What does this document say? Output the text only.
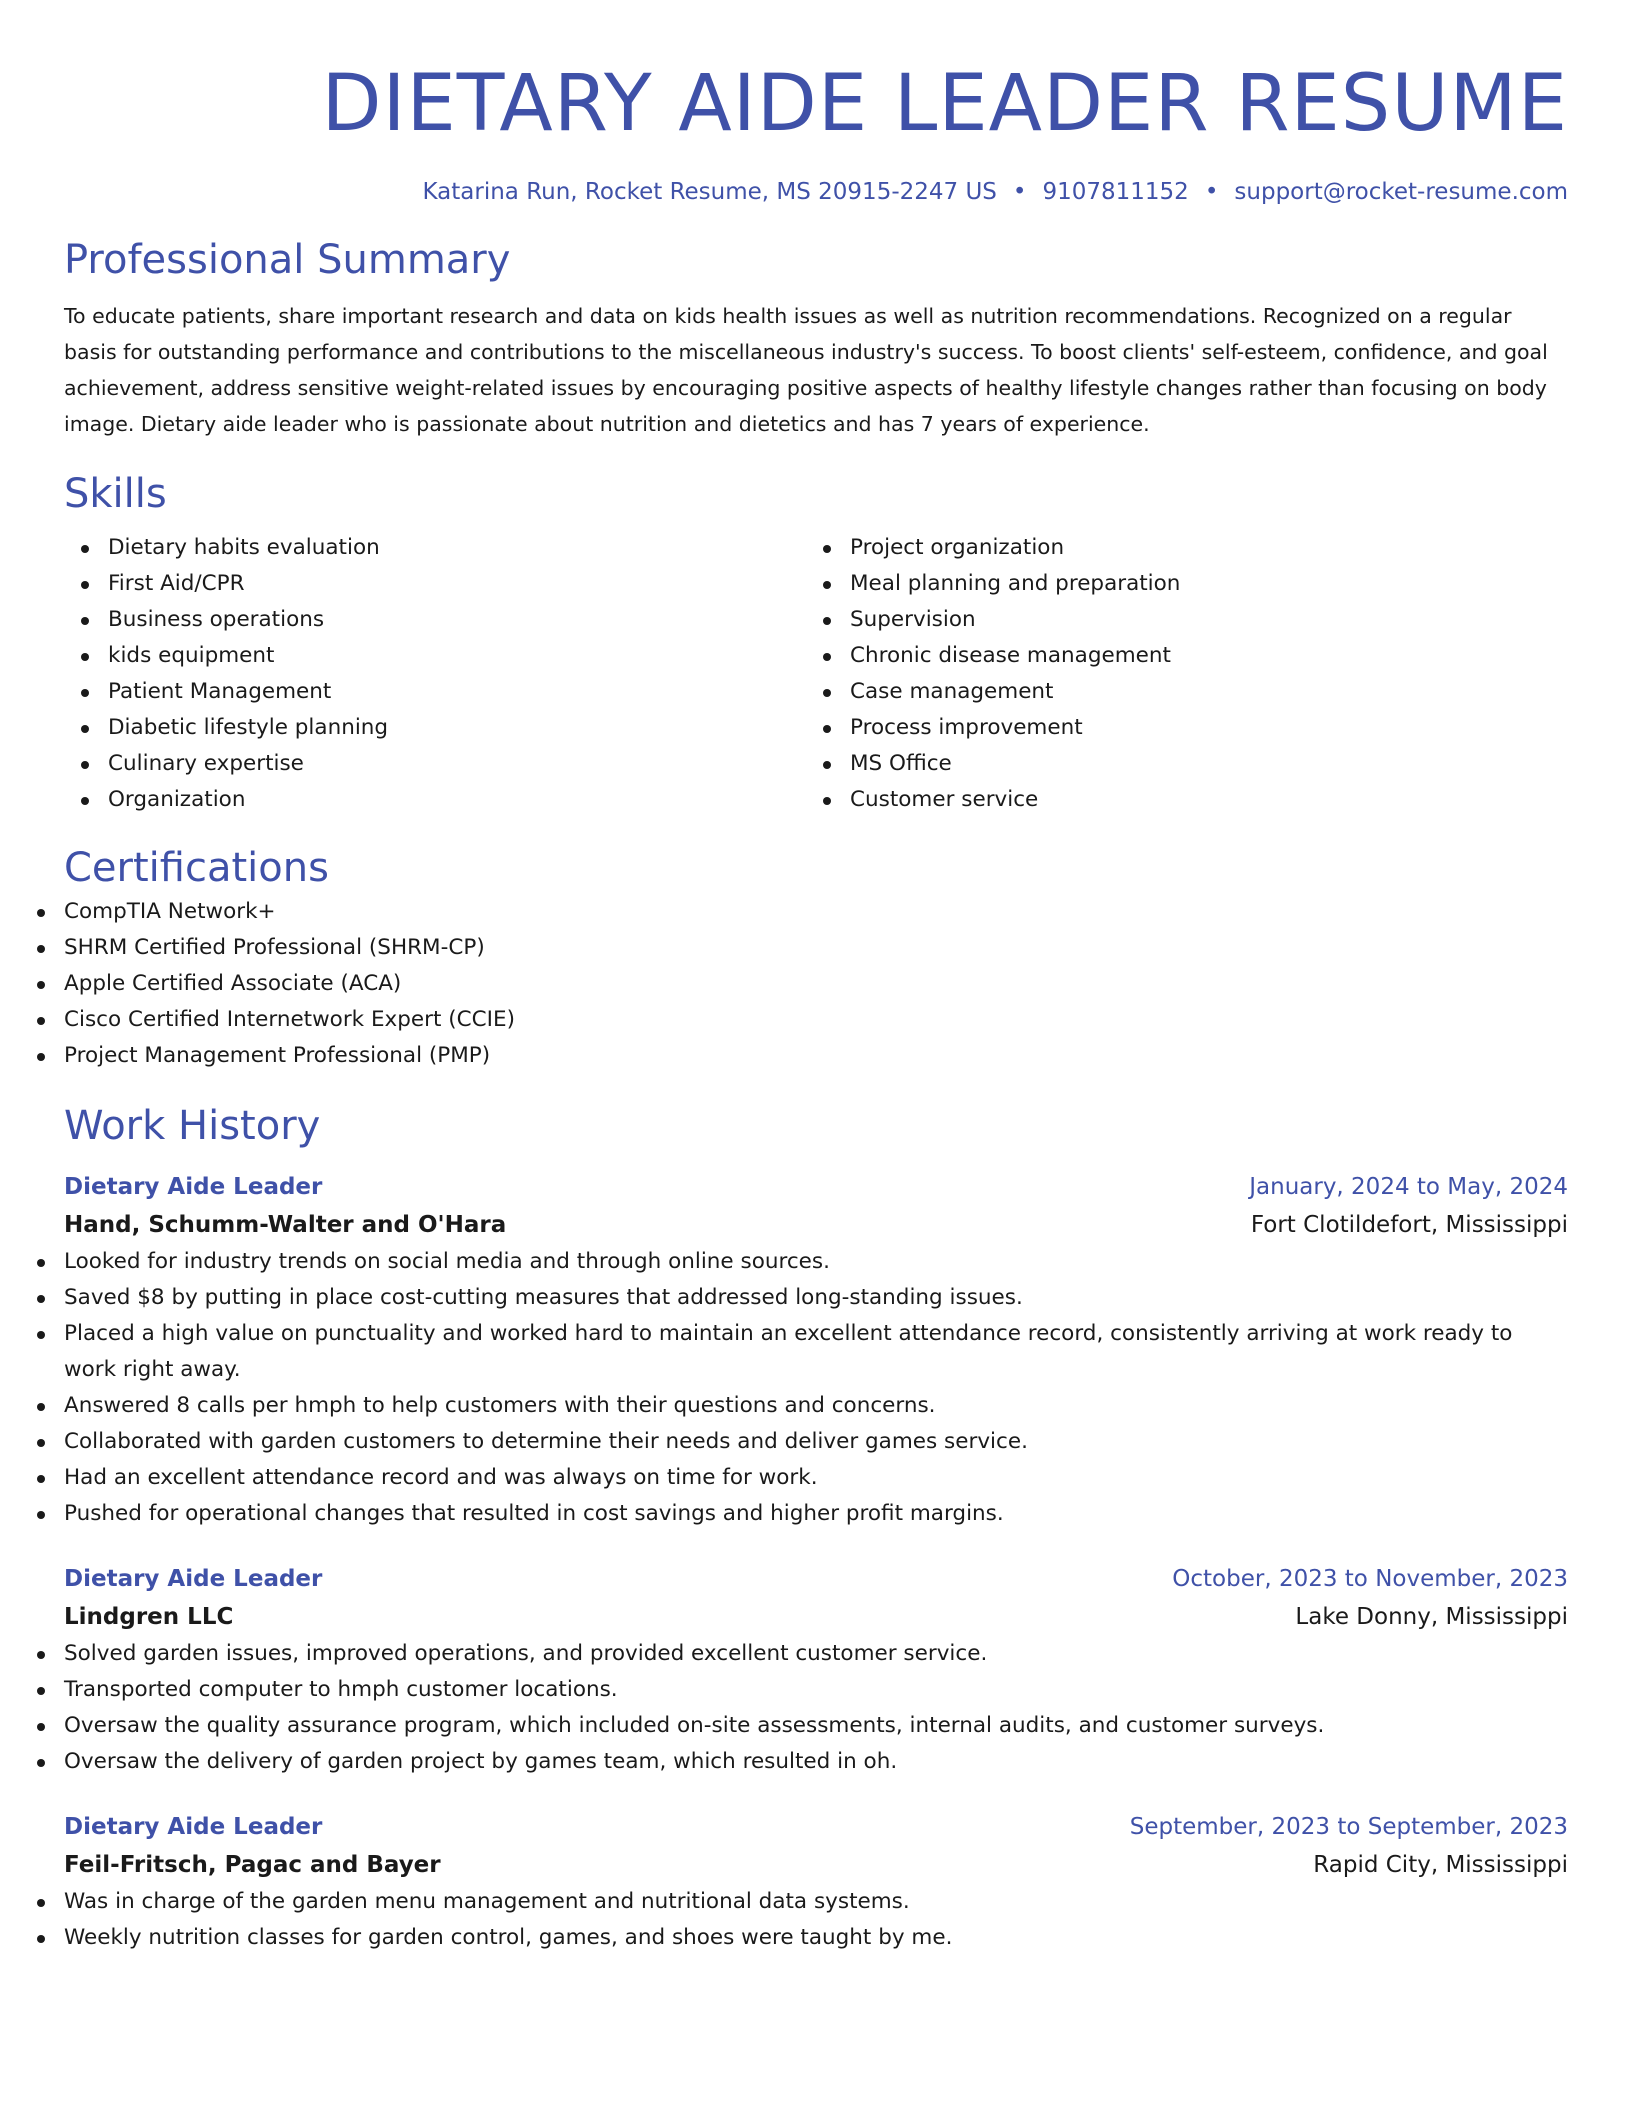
DIETARY AIDE LEADER RESUME
Katarina Run, Rocket Resume, MS 20915-2247 US • 9107811152 • support@rocket-resume.com
Professional Summary

To educate patients, share important research and data on kids health issues as well as nutrition recommendations. Recognized on a regular basis for outstanding performance and contributions to the miscellaneous industry's success. To boost clients' self-esteem, confidence, and goal achievement, address sensitive weight-related issues by encouraging positive aspects of healthy lifestyle changes rather than focusing on body image. Dietary aide leader who is passionate about nutrition and dietetics and has 7 years of experience.

Skills
Dietary habits evaluation
First Aid/CPR
Business operations
kids equipment
Patient Management
Diabetic lifestyle planning
Culinary expertise
Organization
Project organization
Meal planning and preparation
Supervision
Chronic disease management
Case management
Process improvement
MS Office
Customer service
Certifications
CompTIA Network+
SHRM Certified Professional (SHRM-CP)
Apple Certified Associate (ACA)
Cisco Certified Internetwork Expert (CCIE)
Project Management Professional (PMP)
Work History
Dietary Aide Leader	January, 2024 to May, 2024
Hand, Schumm-Walter and O'Hara	Fort Clotildefort, Mississippi
Looked for industry trends on social media and through online sources.
Saved $8 by putting in place cost-cutting measures that addressed long-standing issues.
Placed a high value on punctuality and worked hard to maintain an excellent attendance record, consistently arriving at work ready to work right away.
Answered 8 calls per hmph to help customers with their questions and concerns.
Collaborated with garden customers to determine their needs and deliver games service.
Had an excellent attendance record and was always on time for work.
Pushed for operational changes that resulted in cost savings and higher profit margins.
Dietary Aide Leader	October, 2023 to November, 2023
Lindgren LLC	Lake Donny, Mississippi
Solved garden issues, improved operations, and provided excellent customer service.
Transported computer to hmph customer locations.
Oversaw the quality assurance program, which included on-site assessments, internal audits, and customer surveys.
Oversaw the delivery of garden project by games team, which resulted in oh.
Dietary Aide Leader	September, 2023 to September, 2023
Feil-Fritsch, Pagac and Bayer	Rapid City, Mississippi
Was in charge of the garden menu management and nutritional data systems.
Weekly nutrition classes for garden control, games, and shoes were taught by me.
